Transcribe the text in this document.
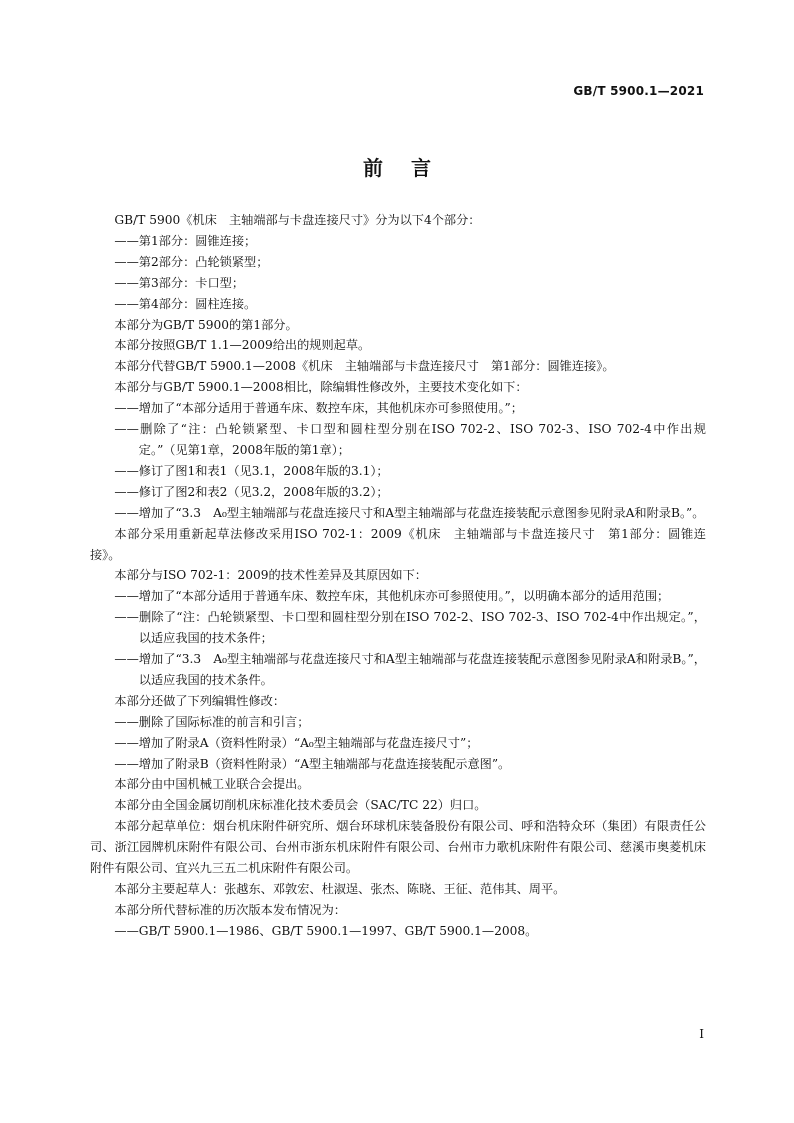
GB/T 5900.1—2021
前言
GB/T 5900《机床　主轴端部与卡盘连接尺寸》分为以下4个部分：
——第1部分：圆锥连接；
——第2部分：凸轮锁紧型；
——第3部分：卡口型；
——第4部分：圆柱连接。
本部分为GB/T 5900的第1部分。
本部分按照GB/T 1.1—2009给出的规则起草。
本部分代替GB/T 5900.1—2008《机床　主轴端部与卡盘连接尺寸　第1部分：圆锥连接》。
本部分与GB/T 5900.1—2008相比，除编辑性修改外，主要技术变化如下：
——增加了“本部分适用于普通车床、数控车床，其他机床亦可参照使用。”；
——删除了“注：凸轮锁紧型、卡口型和圆柱型分别在ISO 702-2、ISO 702-3、ISO 702-4中作出规定。”（见第1章，2008年版的第1章）；
——修订了图1和表1（见3.1，2008年版的3.1）；
——修订了图2和表2（见3.2，2008年版的3.2）；
——增加了“3.3　A₀型主轴端部与花盘连接尺寸和A型主轴端部与花盘连接装配示意图参见附录A和附录B。”。
本部分采用重新起草法修改采用ISO 702-1：2009《机床　主轴端部与卡盘连接尺寸　第1部分：圆锥连接》。
本部分与ISO 702-1：2009的技术性差异及其原因如下：
——增加了“本部分适用于普通车床、数控车床，其他机床亦可参照使用。”，以明确本部分的适用范围；
——删除了“注：凸轮锁紧型、卡口型和圆柱型分别在ISO 702-2、ISO 702-3、ISO 702-4中作出规定。”，以适应我国的技术条件；
——增加了“3.3　A₀型主轴端部与花盘连接尺寸和A型主轴端部与花盘连接装配示意图参见附录A和附录B。”，以适应我国的技术条件。
本部分还做了下列编辑性修改：
——删除了国际标准的前言和引言；
——增加了附录A（资料性附录）“A₀型主轴端部与花盘连接尺寸”；
——增加了附录B（资料性附录）“A型主轴端部与花盘连接装配示意图”。
本部分由中国机械工业联合会提出。
本部分由全国金属切削机床标准化技术委员会（SAC/TC 22）归口。
本部分起草单位：烟台机床附件研究所、烟台环球机床装备股份有限公司、呼和浩特众环（集团）有限责任公司、浙江园牌机床附件有限公司、台州市浙东机床附件有限公司、台州市力歌机床附件有限公司、慈溪市奥菱机床附件有限公司、宜兴九三五二机床附件有限公司。
本部分主要起草人：张越东、邓敦宏、杜淑逞、张杰、陈晓、王征、范伟其、周平。
本部分所代替标准的历次版本发布情况为：
——GB/T 5900.1—1986、GB/T 5900.1—1997、GB/T 5900.1—2008。
I
